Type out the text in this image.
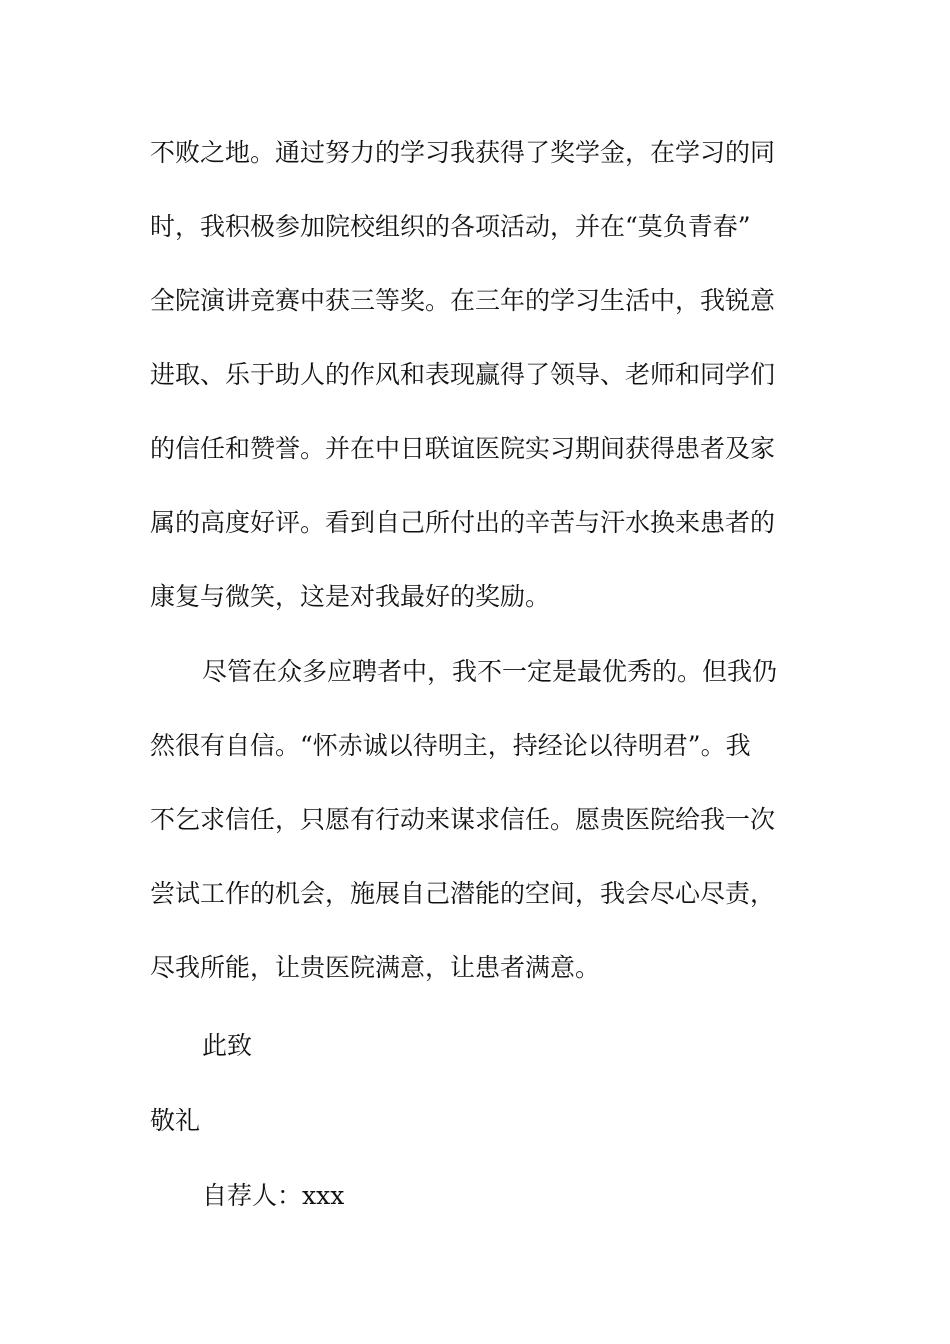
不败之地。通过努力的学习我获得了奖学金，在学习的同
时，我积极参加院校组织的各项活动，并在“莫负青春”
全院演讲竞赛中获三等奖。在三年的学习生活中，我锐意
进取、乐于助人的作风和表现赢得了领导、老师和同学们
的信任和赞誉。并在中日联谊医院实习期间获得患者及家
属的高度好评。看到自己所付出的辛苦与汗水换来患者的
康复与微笑，这是对我最好的奖励。
尽管在众多应聘者中，我不一定是最优秀的。但我仍
然很有自信。“怀赤诚以待明主，持经论以待明君”。我
不乞求信任，只愿有行动来谋求信任。愿贵医院给我一次
尝试工作的机会，施展自己潜能的空间，我会尽心尽责，
尽我所能，让贵医院满意，让患者满意。
此致
敬礼
自荐人：xxx
